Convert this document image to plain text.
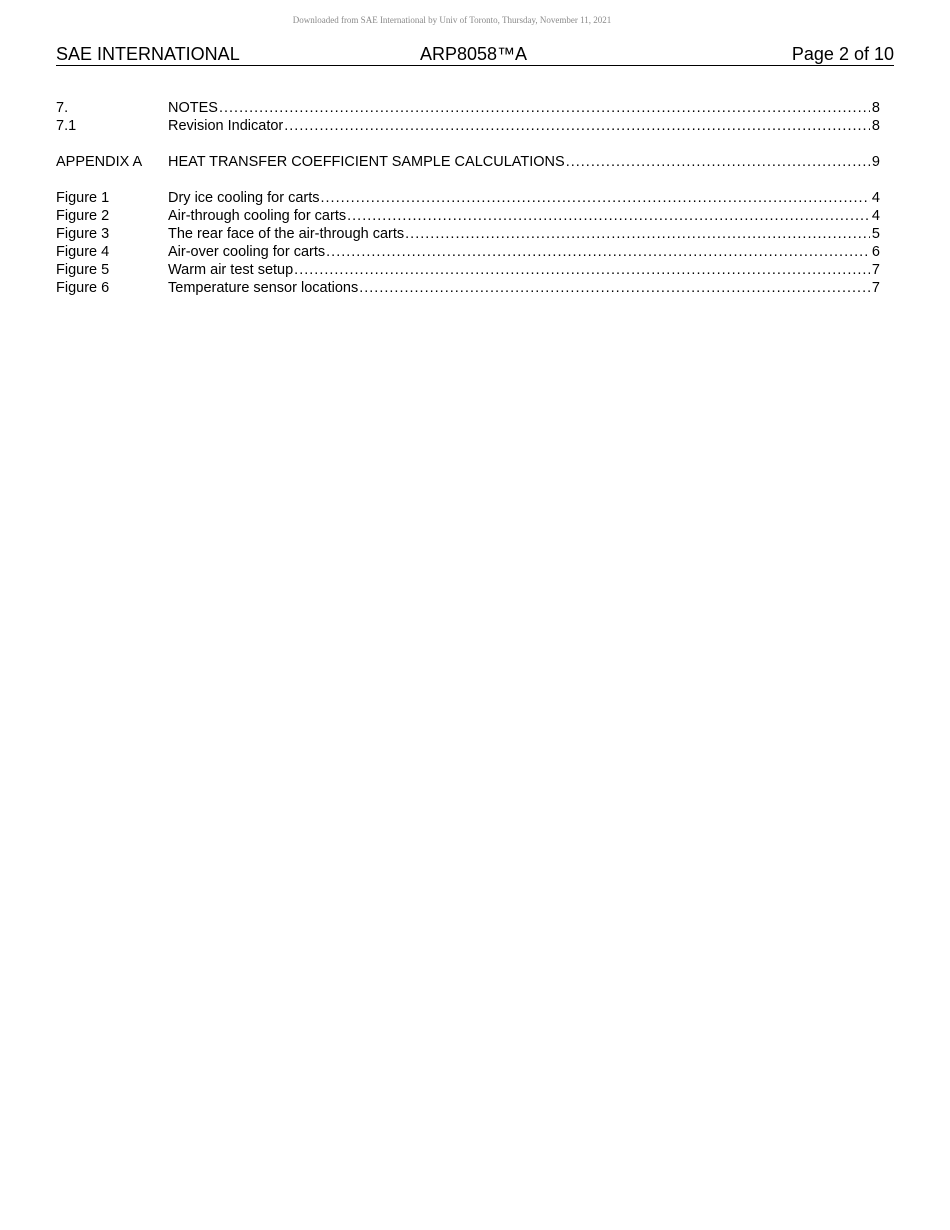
Downloaded from SAE International by Univ of Toronto, Thursday, November 11, 2021
SAE INTERNATIONAL	ARP8058™A	Page 2 of 10
7.	NOTES .....	8
7.1	Revision Indicator .....	8
APPENDIX A	HEAT TRANSFER COEFFICIENT SAMPLE CALCULATIONS .....	9
Figure 1	Dry ice cooling for carts .....	4
Figure 2	Air-through cooling for carts .....	4
Figure 3	The rear face of the air-through carts .....	5
Figure 4	Air-over cooling for carts .....	6
Figure 5	Warm air test setup .....	7
Figure 6	Temperature sensor locations .....	7
